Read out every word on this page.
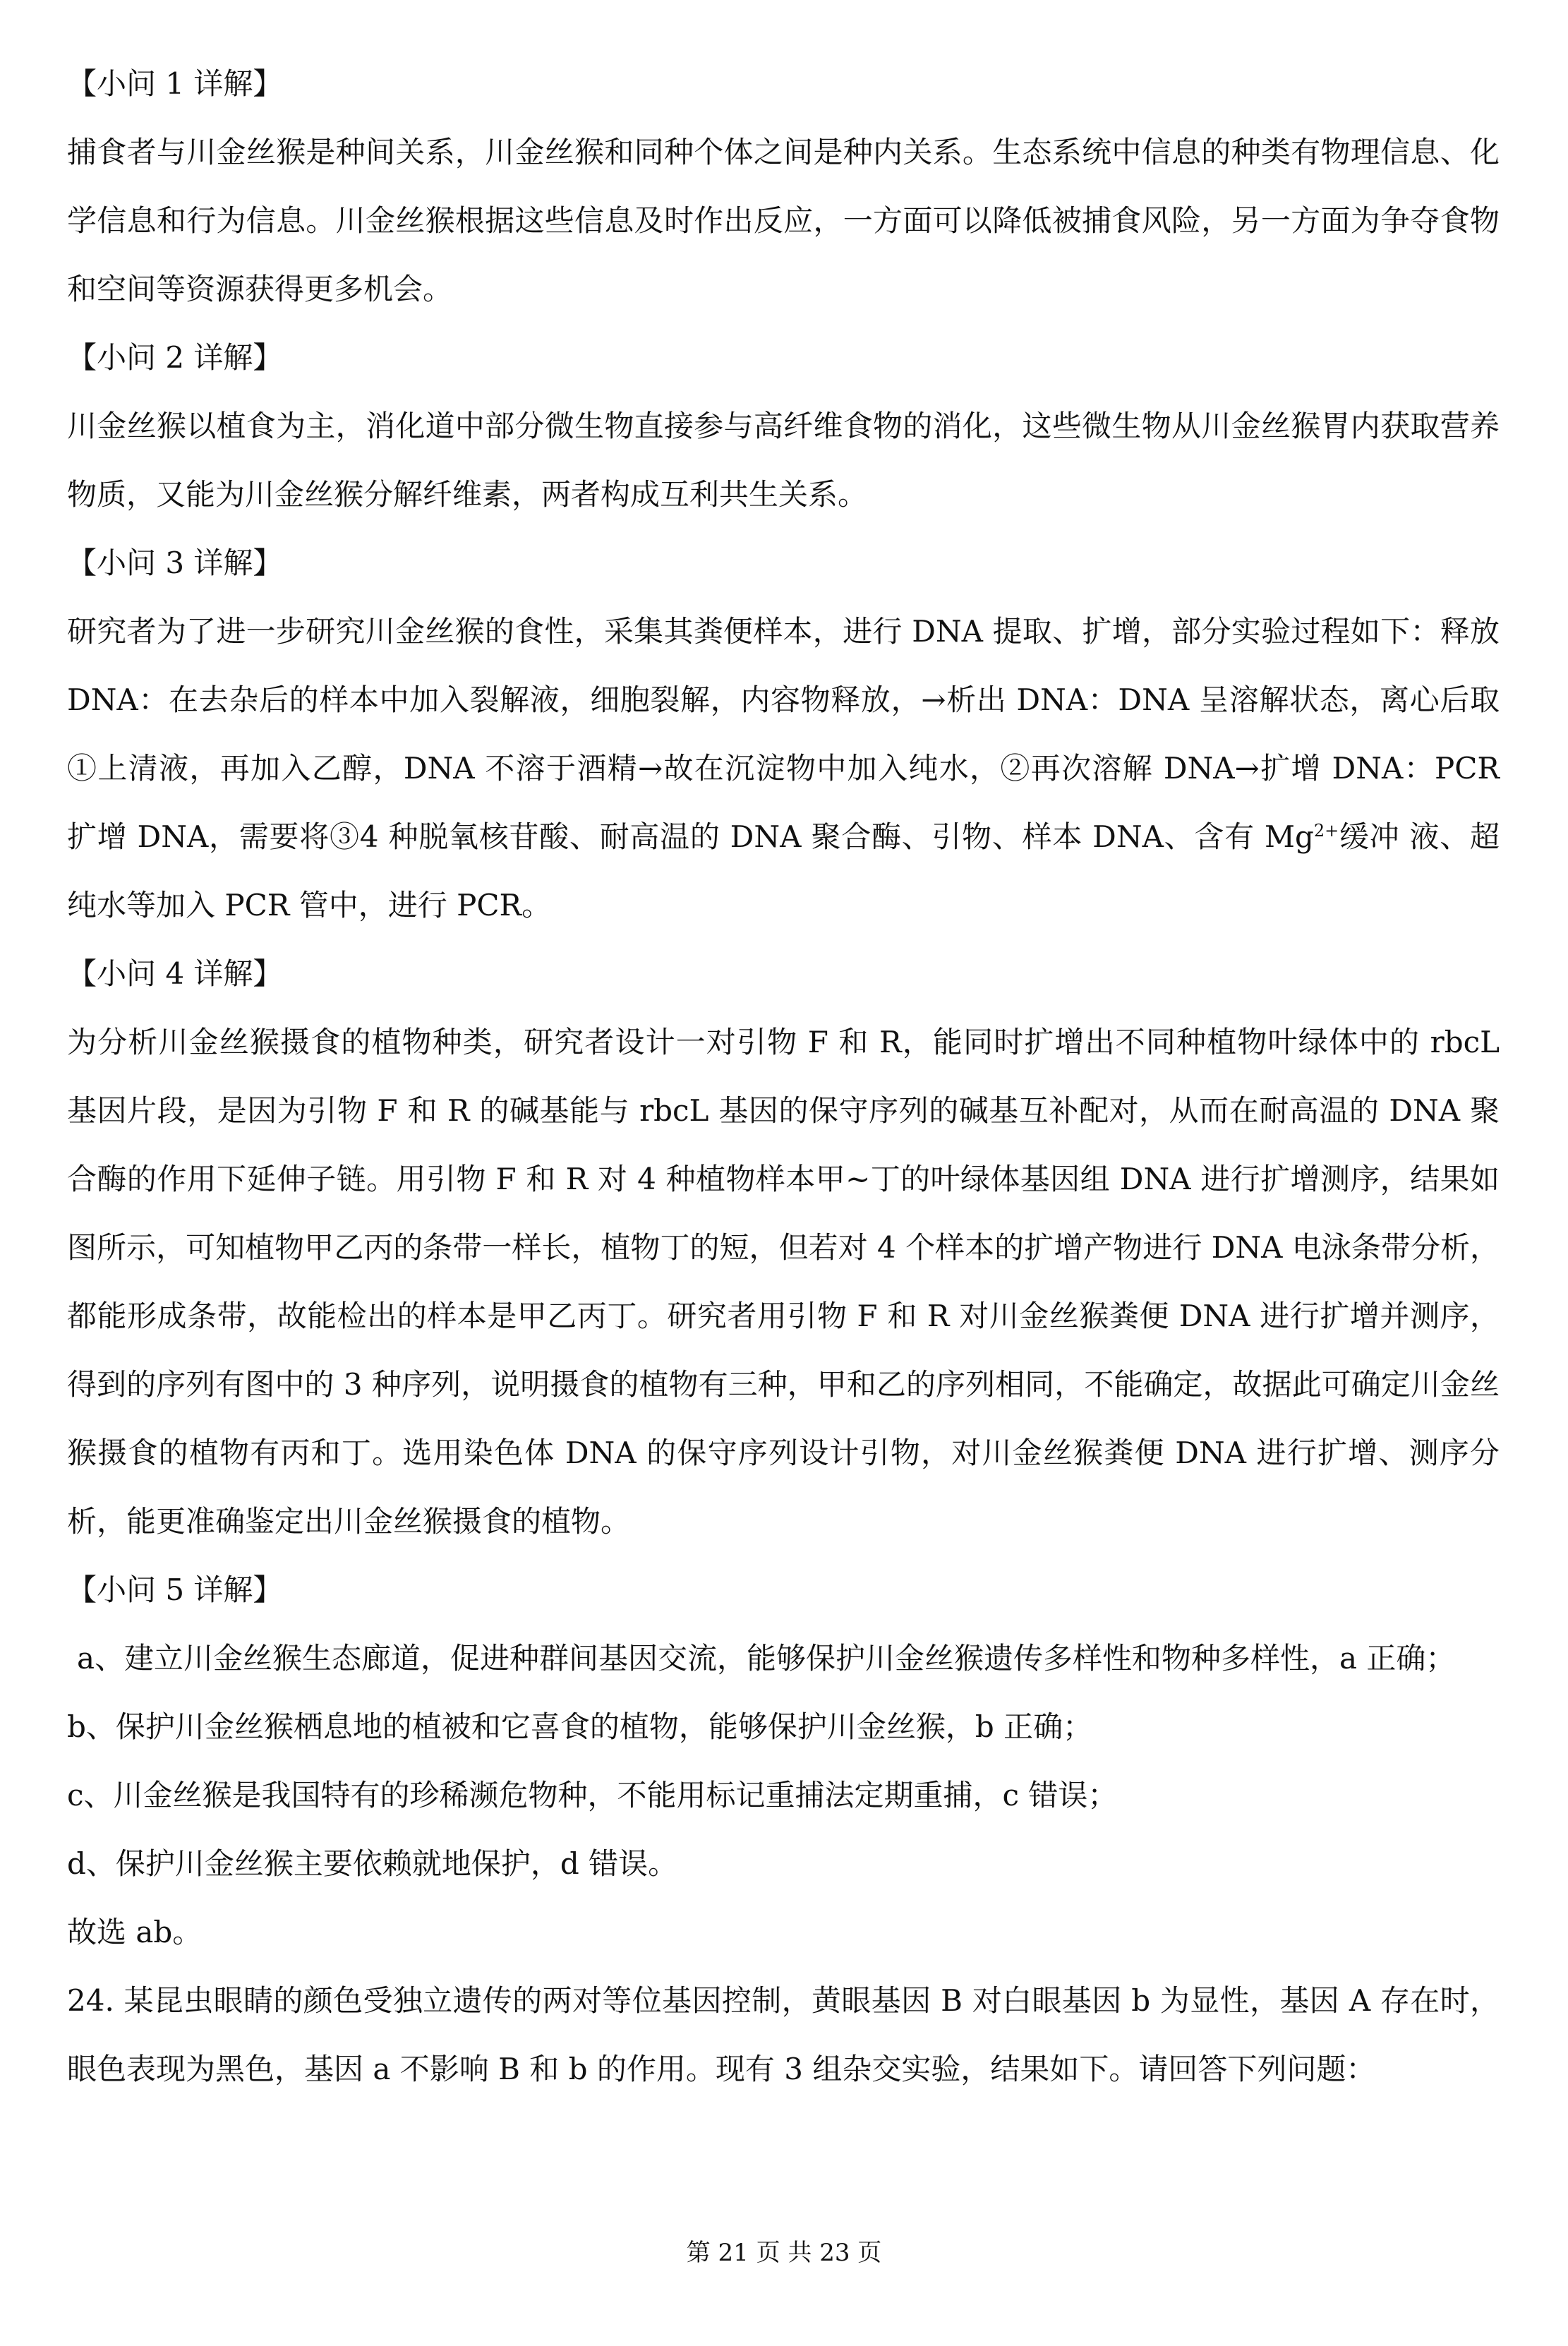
【小问 1 详解】

捕食者与川金丝猴是种间关系，川金丝猴和同种个体之间是种内关系。生态系统中信息的种类有物理信息、化学信息和行为信息。川金丝猴根据这些信息及时作出反应，一方面可以降低被捕食风险，另一方面为争夺食物和空间等资源获得更多机会。

【小问 2 详解】

川金丝猴以植食为主，消化道中部分微生物直接参与高纤维食物的消化，这些微生物从川金丝猴胃内获取营养物质，又能为川金丝猴分解纤维素，两者构成互利共生关系。

【小问 3 详解】

研究者为了进一步研究川金丝猴的食性，采集其粪便样本，进行 DNA 提取、扩增，部分实验过程如下：释放 DNA：在去杂后的样本中加入裂解液，细胞裂解，内容物释放，→析出 DNA：DNA 呈溶解状态，离心后取①上清液，再加入乙醇，DNA 不溶于酒精→故在沉淀物中加入纯水，②再次溶解 DNA→扩增 DNA：PCR 扩增 DNA，需要将③4 种脱氧核苷酸、耐高温的 DNA 聚合酶、引物、样本 DNA、含有 $Mg^{2+}$缓冲 液、超纯水等加入 PCR 管中，进行 PCR。

【小问 4 详解】

为分析川金丝猴摄食的植物种类，研究者设计一对引物 F 和 R，能同时扩增出不同种植物叶绿体中的 rbcL 基因片段，是因为引物 F 和 R 的碱基能与 rbcL 基因的保守序列的碱基互补配对，从而在耐高温的 DNA 聚合酶的作用下延伸子链。用引物 F 和 R 对 4 种植物样本甲~丁的叶绿体基因组 DNA 进行扩增测序，结果如图所示，可知植物甲乙丙的条带一样长，植物丁的短，但若对 4 个样本的扩增产物进行 DNA 电泳条带分析，都能形成条带，故能检出的样本是甲乙丙丁。研究者用引物 F 和 R 对川金丝猴粪便 DNA 进行扩增并测序，得到的序列有图中的 3 种序列，说明摄食的植物有三种，甲和乙的序列相同，不能确定，故据此可确定川金丝猴摄食的植物有丙和丁。选用染色体 DNA 的保守序列设计引物，对川金丝猴粪便 DNA 进行扩增、测序分析，能更准确鉴定出川金丝猴摄食的植物。

【小问 5 详解】

a、建立川金丝猴生态廊道，促进种群间基因交流，能够保护川金丝猴遗传多样性和物种多样性，a 正确；

b、保护川金丝猴栖息地的植被和它喜食的植物，能够保护川金丝猴，b 正确；

c、川金丝猴是我国特有的珍稀濒危物种，不能用标记重捕法定期重捕，c 错误；

d、保护川金丝猴主要依赖就地保护，d 错误。

故选 ab。

24. 某昆虫眼睛的颜色受独立遗传的两对等位基因控制，黄眼基因 B 对白眼基因 b 为显性，基因 A 存在时，眼色表现为黑色，基因 a 不影响 B 和 b 的作用。现有 3 组杂交实验，结果如下。请回答下列问题：

第 21 页 共 23 页
